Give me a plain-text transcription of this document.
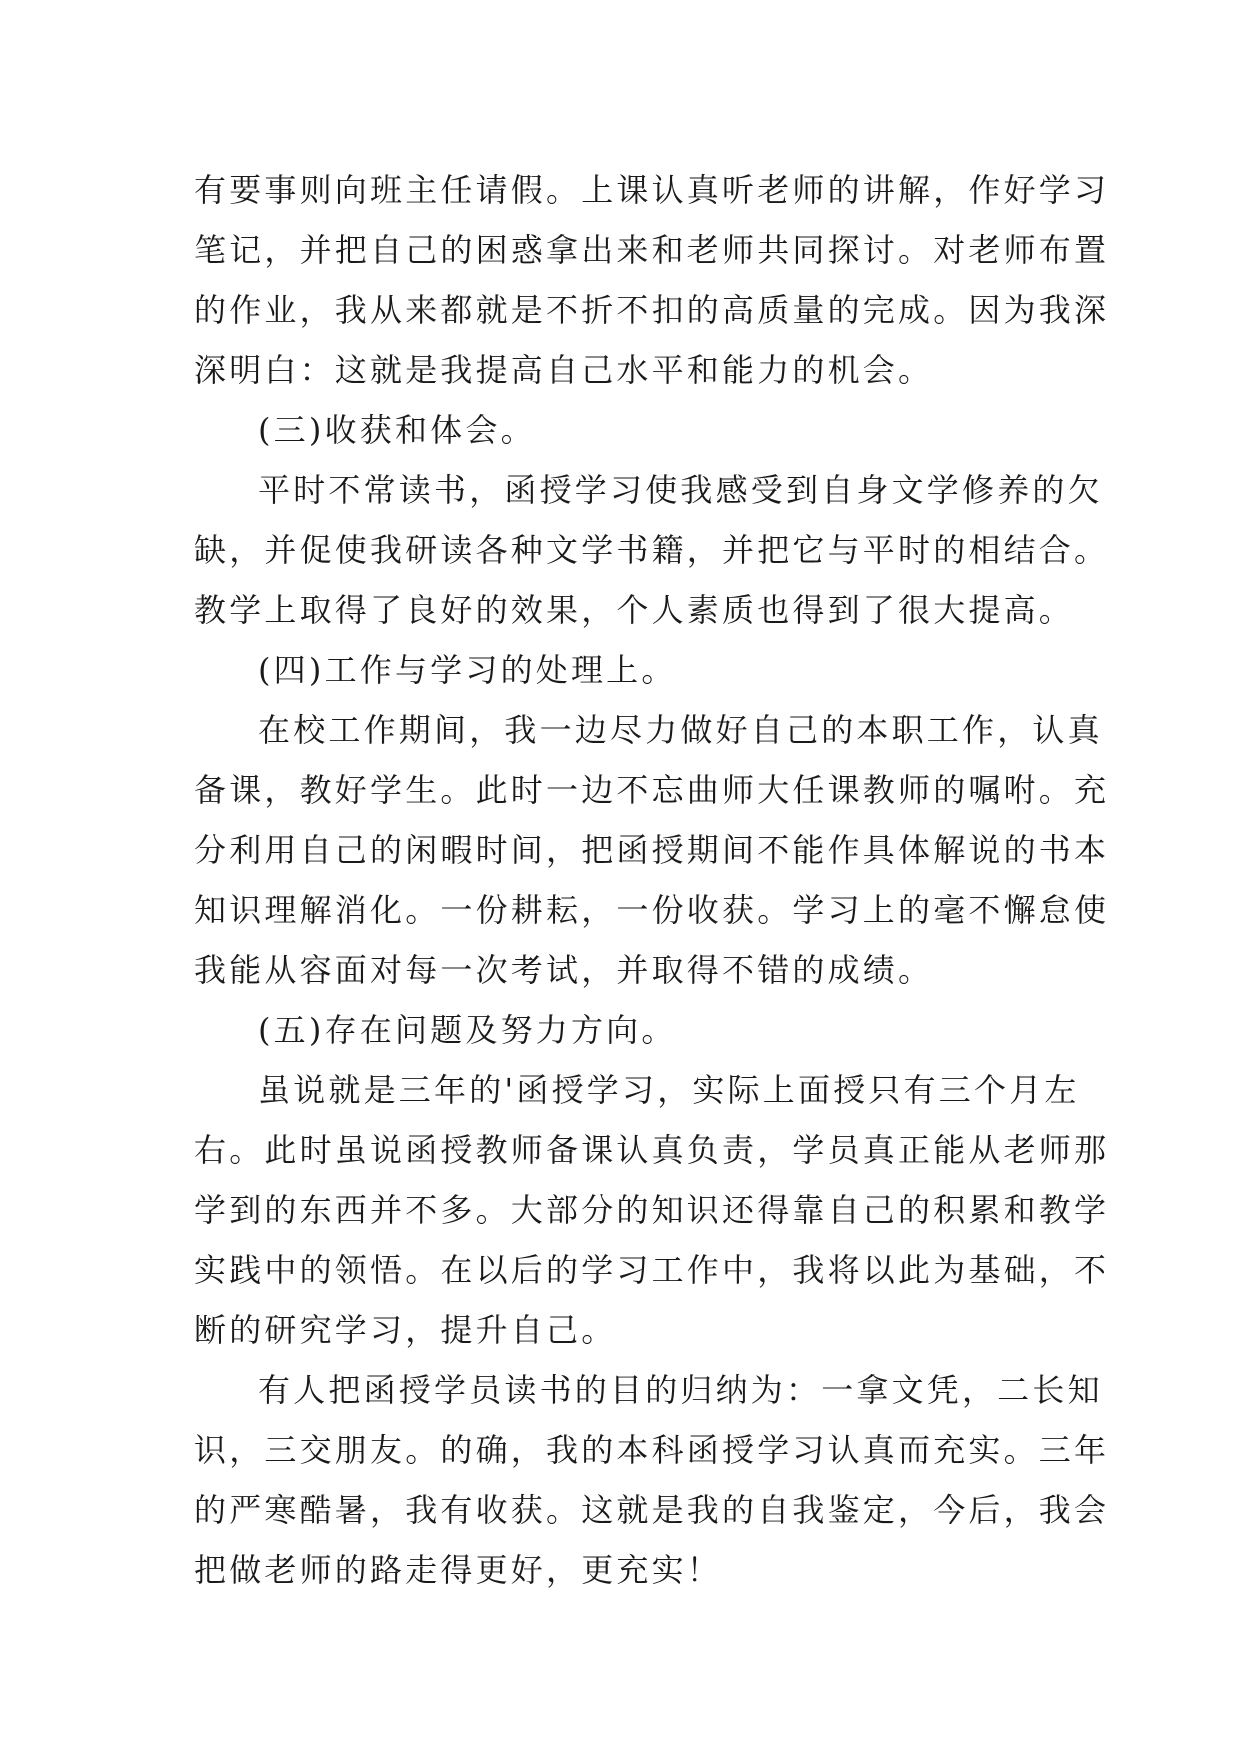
有要事则向班主任请假。上课认真听老师的讲解，作好学习
笔记，并把自己的困惑拿出来和老师共同探讨。对老师布置
的作业，我从来都就是不折不扣的高质量的完成。因为我深
深明白：这就是我提高自己水平和能力的机会。
(三)收获和体会。
平时不常读书，函授学习使我感受到自身文学修养的欠
缺，并促使我研读各种文学书籍，并把它与平时的相结合。
教学上取得了良好的效果，个人素质也得到了很大提高。
(四)工作与学习的处理上。
在校工作期间，我一边尽力做好自己的本职工作，认真
备课，教好学生。此时一边不忘曲师大任课教师的嘱咐。充
分利用自己的闲暇时间，把函授期间不能作具体解说的书本
知识理解消化。一份耕耘，一份收获。学习上的毫不懈怠使
我能从容面对每一次考试，并取得不错的成绩。
(五)存在问题及努力方向。
虽说就是三年的'函授学习，实际上面授只有三个月左
右。此时虽说函授教师备课认真负责，学员真正能从老师那
学到的东西并不多。大部分的知识还得靠自己的积累和教学
实践中的领悟。在以后的学习工作中，我将以此为基础，不
断的研究学习，提升自己。
有人把函授学员读书的目的归纳为：一拿文凭，二长知
识，三交朋友。的确，我的本科函授学习认真而充实。三年
的严寒酷暑，我有收获。这就是我的自我鉴定，今后，我会
把做老师的路走得更好，更充实！
